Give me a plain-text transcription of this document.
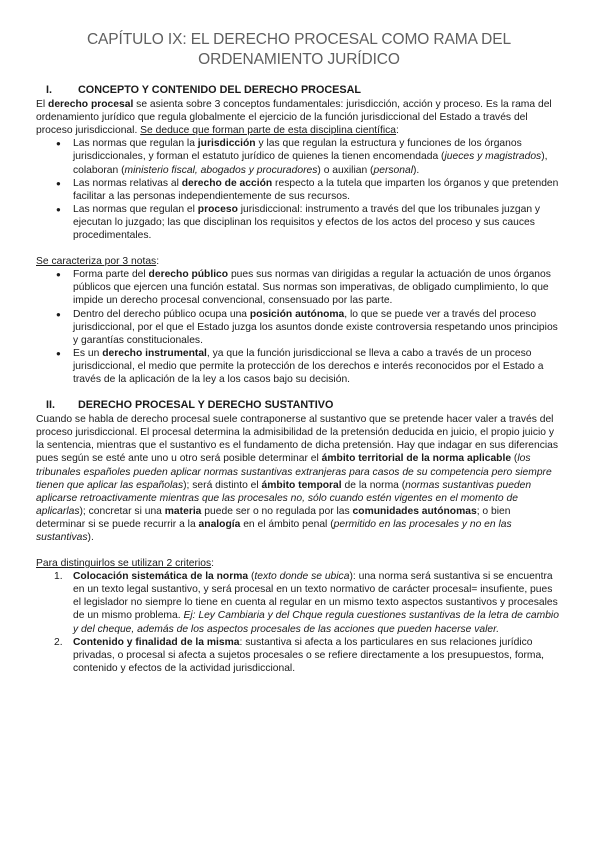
CAPÍTULO IX: EL DERECHO PROCESAL COMO RAMA DEL ORDENAMIENTO JURÍDICO
I.	CONCEPTO Y CONTENIDO DEL DERECHO PROCESAL

El derecho procesal se asienta sobre 3 conceptos fundamentales: jurisdicción, acción y proceso. Es la rama del ordenamiento jurídico que regula globalmente el ejercicio de la función jurisdiccional del Estado a través del proceso jurisdiccional. Se deduce que forman parte de esta disciplina científica:

● Las normas que regulan la jurisdicción y las que regulan la estructura y funciones de los órganos jurisdiccionales, y forman el estatuto jurídico de quienes la tienen encomendada (jueces y magistrados), colaboran (ministerio fiscal, abogados y procuradores) o auxilian (personal).
● Las normas relativas al derecho de acción respecto a la tutela que imparten los órganos y que pretenden facilitar a las personas independientemente de sus recursos.
● Las normas que regulan el proceso jurisdiccional: instrumento a través del que los tribunales juzgan y ejecutan lo juzgado; las que disciplinan los requisitos y efectos de los actos del proceso y sus cauces procedimentales.

Se caracteriza por 3 notas:

● Forma parte del derecho público pues sus normas van dirigidas a regular la actuación de unos órganos públicos que ejercen una función estatal. Sus normas son imperativas, de obligado cumplimiento, lo que impide un derecho procesal convencional, consensuado por las parte.
● Dentro del derecho público ocupa una posición autónoma, lo que se puede ver a través del proceso jurisdiccional, por el que el Estado juzga los asuntos donde existe controversia respetando unos principios y garantías constitucionales.
● Es un derecho instrumental, ya que la función jurisdiccional se lleva a cabo a través de un proceso jurisdiccional, el medio que permite la protección de los derechos e interés reconocidos por el Estado a través de la aplicación de la ley a los casos bajo su decisión.
II.	DERECHO PROCESAL Y DERECHO SUSTANTIVO

Cuando se habla de derecho procesal suele contraponerse al sustantivo que se pretende hacer valer a través del proceso jurisdiccional. El procesal determina la admisibilidad de la pretensión deducida en juicio, el propio juicio y la sentencia, mientras que el sustantivo es el fundamento de dicha pretensión. Hay que indagar en sus diferencias pues según se esté ante uno u otro será posible determinar el ámbito territorial de la norma aplicable (los tribunales españoles pueden aplicar normas sustantivas extranjeras para casos de su competencia pero siempre tienen que aplicar las españolas); será distinto el ámbito temporal de la norma (normas sustantivas pueden aplicarse retroactivamente mientras que las procesales no, sólo cuando estén vigentes en el momento de aplicarlas); concretar si una materia puede ser o no regulada por las comunidades autónomas; o bien determinar si se puede recurrir a la analogía en el ámbito penal (permitido en las procesales y no en las sustantivas).

Para distinguirlos se utilizan 2 criterios:

1. Colocación sistemática de la norma (texto donde se ubica): una norma será sustantiva si se encuentra en un texto legal sustantivo, y será procesal en un texto normativo de carácter procesal= insufiente, pues el legislador no siempre lo tiene en cuenta al regular en un mismo texto aspectos sustantivos y procesales de un mismo problema. Ej: Ley Cambiaria y del Chque regula cuestiones sustantivas de la letra de cambio y del cheque, además de los aspectos procesales de las acciones que pueden hacerse valer.
2. Contenido y finalidad de la misma: sustantiva si afecta a los particulares en sus relaciones jurídico privadas, o procesal si afecta a sujetos procesales o se refiere directamente a los presupuestos, forma, contenido y efectos de la actividad jurisdiccional.
